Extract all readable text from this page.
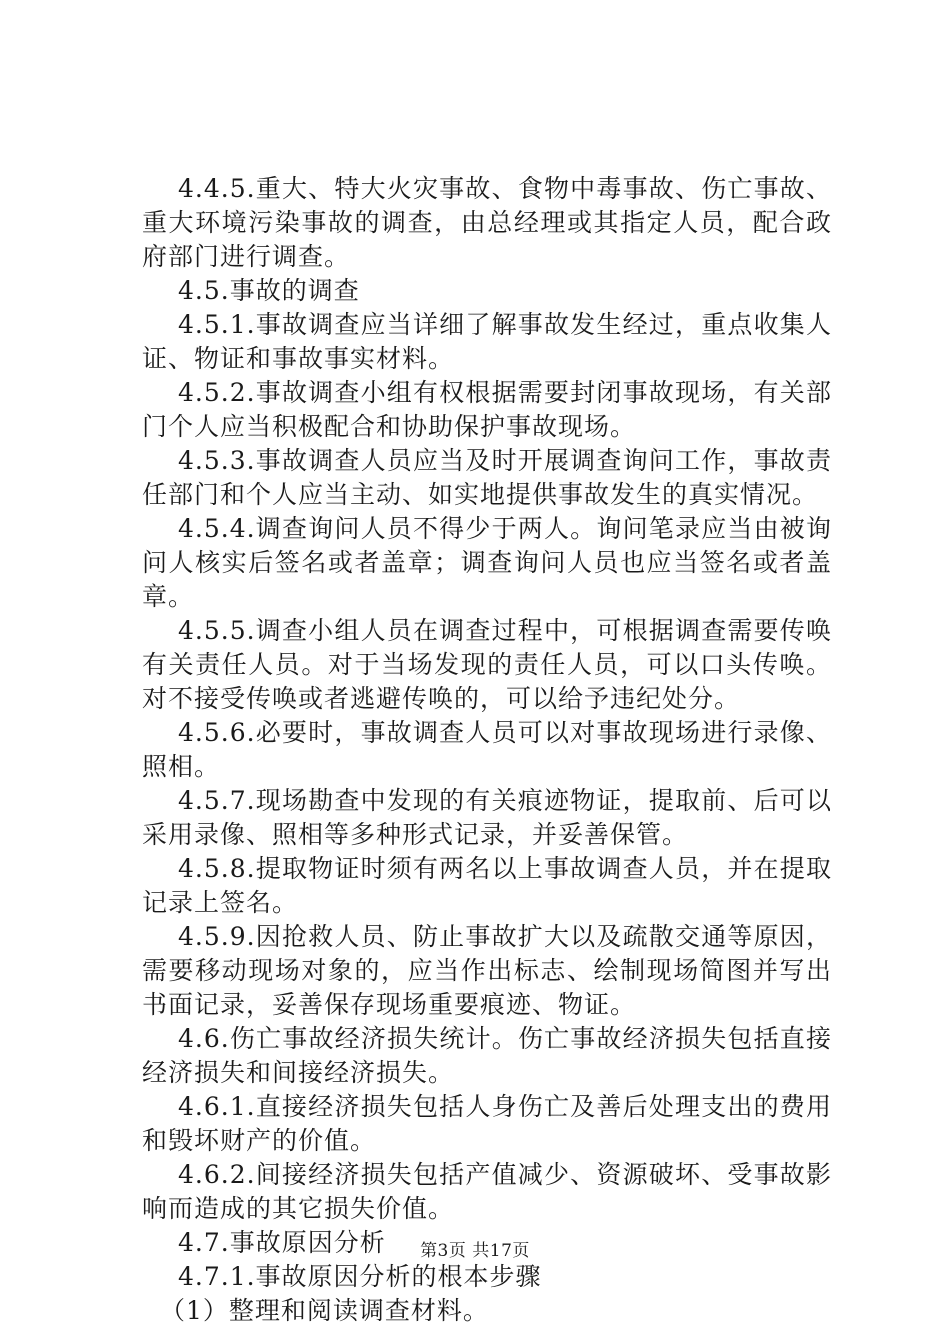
4.4.5.重大、特大火灾事故、食物中毒事故、伤亡事故、重大环境污染事故的调查，由总经理或其指定人员，配合政府部门进行调查。

4.5.事故的调查

4.5.1.事故调查应当详细了解事故发生经过，重点收集人证、物证和事故事实材料。

4.5.2.事故调查小组有权根据需要封闭事故现场，有关部门个人应当积极配合和协助保护事故现场。

4.5.3.事故调查人员应当及时开展调查询问工作，事故责任部门和个人应当主动、如实地提供事故发生的真实情况。

4.5.4.调查询问人员不得少于两人。询问笔录应当由被询问人核实后签名或者盖章；调查询问人员也应当签名或者盖章。

4.5.5.调查小组人员在调查过程中，可根据调查需要传唤有关责任人员。对于当场发现的责任人员，可以口头传唤。对不接受传唤或者逃避传唤的，可以给予违纪处分。

4.5.6.必要时，事故调查人员可以对事故现场进行录像、照相。

4.5.7.现场勘查中发现的有关痕迹物证，提取前、后可以采用录像、照相等多种形式记录，并妥善保管。

4.5.8.提取物证时须有两名以上事故调查人员，并在提取记录上签名。

4.5.9.因抢救人员、防止事故扩大以及疏散交通等原因，需要移动现场对象的，应当作出标志、绘制现场简图并写出书面记录，妥善保存现场重要痕迹、物证。

4.6.伤亡事故经济损失统计。伤亡事故经济损失包括直接经济损失和间接经济损失。

4.6.1.直接经济损失包括人身伤亡及善后处理支出的费用和毁坏财产的价值。

4.6.2.间接经济损失包括产值减少、资源破坏、受事故影响而造成的其它损失价值。

4.7.事故原因分析

4.7.1.事故原因分析的根本步骤

（1）整理和阅读调查材料。

第3页 共17页
